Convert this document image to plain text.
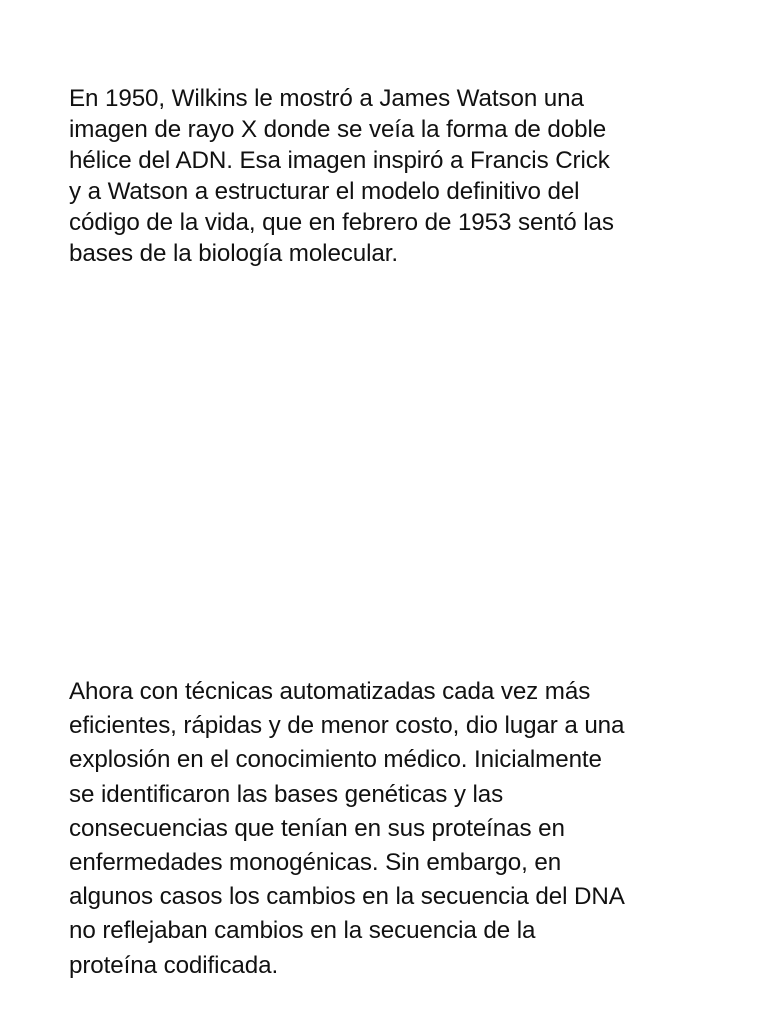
En 1950, Wilkins le mostró a James Watson una
imagen de rayo X donde se veía la forma de doble
hélice del ADN. Esa imagen inspiró a Francis Crick
y a Watson a estructurar el modelo definitivo del
código de la vida, que en febrero de 1953 sentó las
bases de la biología molecular.

Ahora con técnicas automatizadas cada vez más
eficientes, rápidas y de menor costo, dio lugar a una
explosión en el conocimiento médico. Inicialmente
se identificaron las bases genéticas y las
consecuencias que tenían en sus proteínas en
enfermedades monogénicas. Sin embargo, en
algunos casos los cambios en la secuencia del DNA
no reflejaban cambios en la secuencia de la
proteína codificada.
